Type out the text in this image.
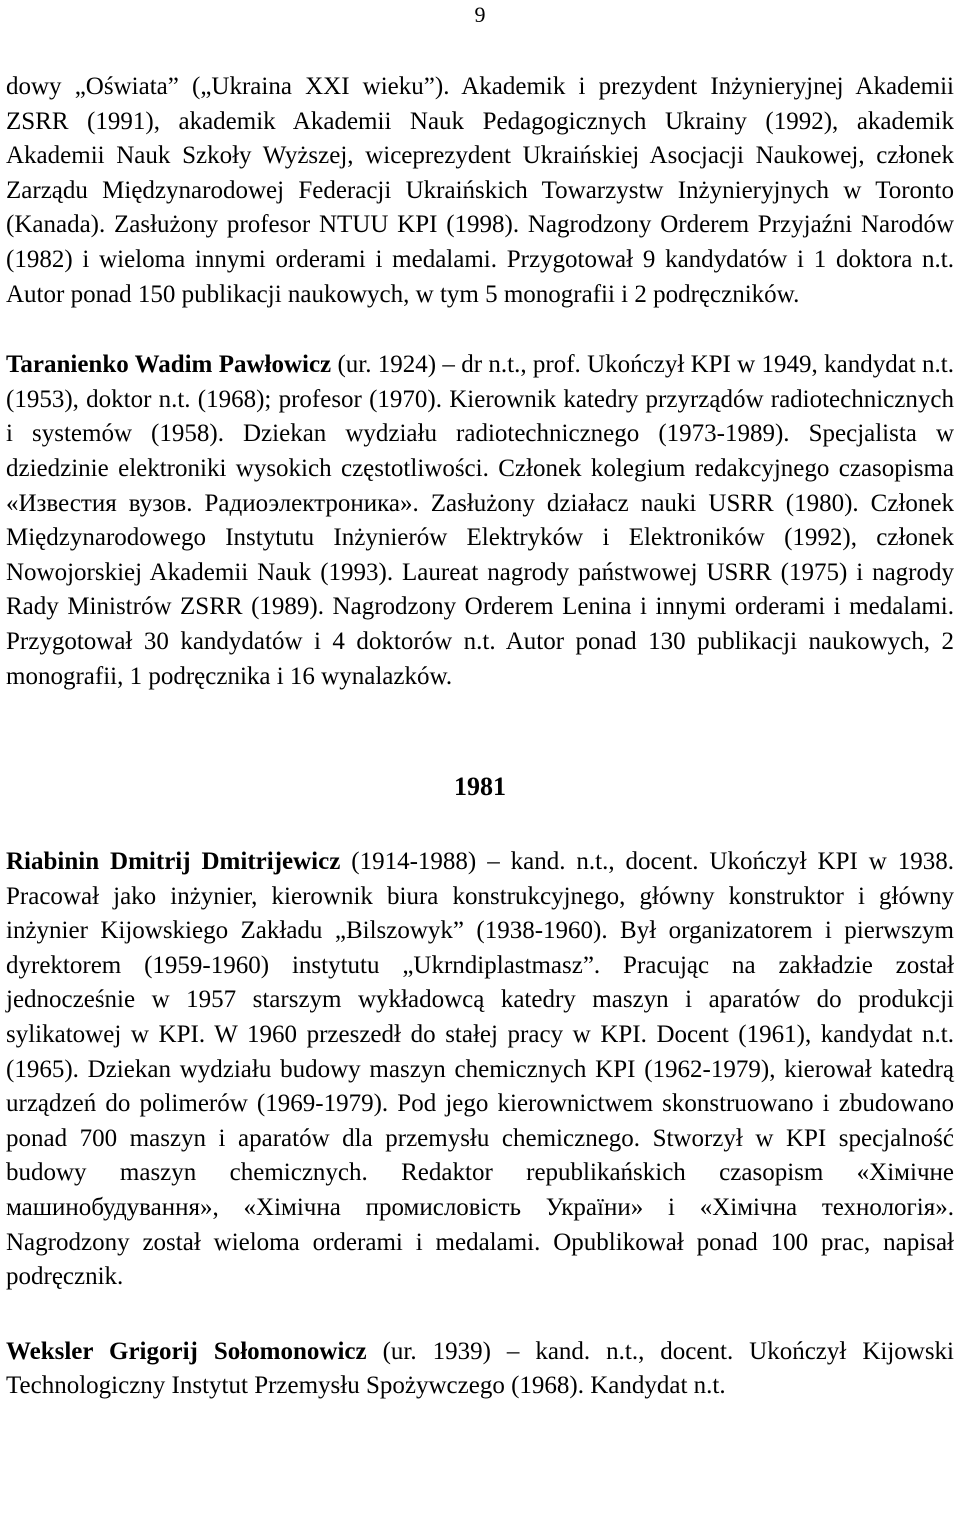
9

dowy „Oświata” („Ukraina XXI wieku”). Akademik i prezydent Inżynieryjnej Akademii ZSRR (1991), akademik Akademii Nauk Pedagogicznych Ukrainy (1992), akademik Akademii Nauk Szkoły Wyższej, wiceprezydent Ukraińskiej Asocjacji Naukowej, członek Zarządu Międzynarodowej Federacji Ukraińskich Towarzystw Inżynieryjnych w Toronto (Kanada). Zasłużony profesor NTUU KPI (1998). Nagrodzony Orderem Przyjaźni Narodów (1982) i wieloma innymi orderami i medalami. Przygotował 9 kandydatów i 1 doktora n.t. Autor ponad 150 publikacji naukowych, w tym 5 monografii i 2 podręczników.

Taranienko Wadim Pawłowicz (ur. 1924) – dr n.t., prof. Ukończył KPI w 1949, kandydat n.t. (1953), doktor n.t. (1968); profesor (1970). Kierownik katedry przyrządów radiotechnicznych i systemów (1958). Dziekan wydziału radiotechnicznego (1973-1989). Specjalista w dziedzinie elektroniki wysokich częstotliwości. Członek kolegium redakcyjnego czasopisma «Известия вузов. Радиоэлектроника». Zasłużony działacz nauki USRR (1980). Członek Międzynarodowego Instytutu Inżynierów Elektryków i Elektroników (1992), członek Nowojorskiej Akademii Nauk (1993). Laureat nagrody państwowej USRR (1975) i nagrody Rady Ministrów ZSRR (1989). Nagrodzony Orderem Lenina i innymi orderami i medalami. Przygotował 30 kandydatów i 4 doktorów n.t. Autor ponad 130 publikacji naukowych, 2 monografii, 1 podręcznika i 16 wynalazków.

1981

Riabinin Dmitrij Dmitrijewicz (1914-1988) – kand. n.t., docent. Ukończył KPI w 1938. Pracował jako inżynier, kierownik biura konstrukcyjnego, główny konstruktor i główny inżynier Kijowskiego Zakładu „Bilszowyk” (1938-1960). Był organizatorem i pierwszym dyrektorem (1959-1960) instytutu „Ukrndiplastmasz”. Pracując na zakładzie został jednocześnie w 1957 starszym wykładowcą katedry maszyn i aparatów do produkcji sylikatowej w KPI. W 1960 przeszedł do stałej pracy w KPI. Docent (1961), kandydat n.t. (1965). Dziekan wydziału budowy maszyn chemicznych KPI (1962-1979), kierował katedrą urządzeń do polimerów (1969-1979). Pod jego kierownictwem skonstruowano i zbudowano ponad 700 maszyn i aparatów dla przemysłu chemicznego. Stworzył w KPI specjalność budowy maszyn chemicznych. Redaktor republikańskich czasopism «Хімічне машинобудування», «Хімічна промисловість України» і «Хімічна технологія». Nagrodzony został wieloma orderami i medalami. Opublikował ponad 100 prac, napisał podręcznik.

Weksler Grigorij Sołomonowicz (ur. 1939) – kand. n.t., docent. Ukończył Kijowski Technologiczny Instytut Przemysłu Spożywczego (1968). Kandydat n.t.
